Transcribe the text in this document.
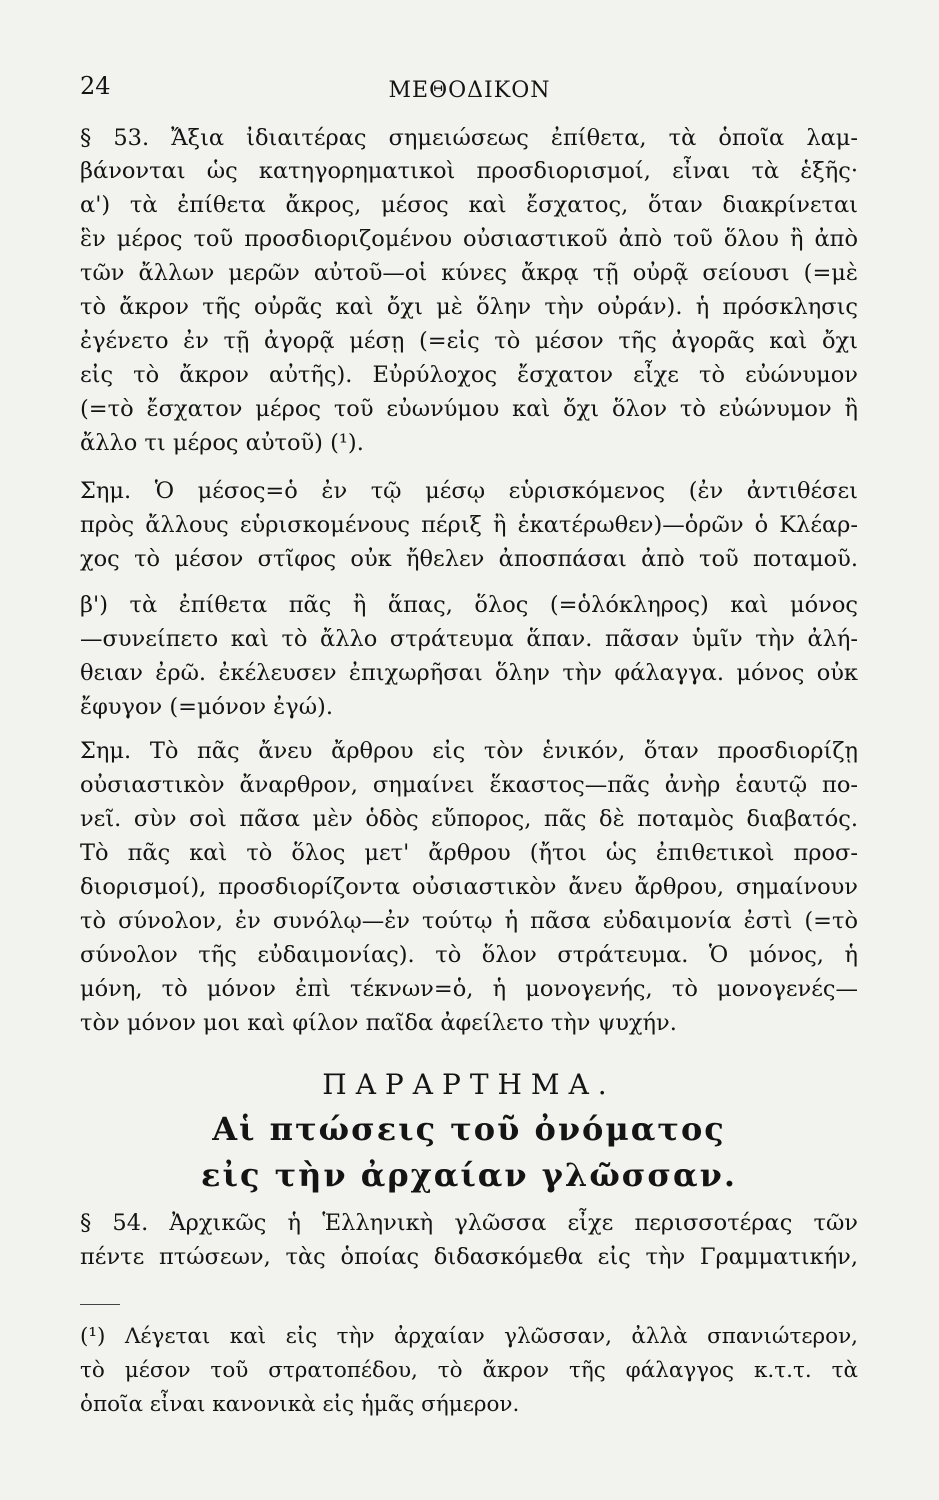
24	ΜΕΘΟΔΙΚΟΝ
§ 53. Ἄξια ἰδιαιτέρας σημειώσεως ἐπίθετα, τὰ ὁποῖα λαμ-
βάνονται ὡς κατηγορηματικοὶ προσδιορισμοί, εἶναι τὰ ἑξῆς·
α') τὰ ἐπίθετα ἄκρος, μέσος καὶ ἔσχατος, ὅταν διακρίνεται
ἓν μέρος τοῦ προσδιοριζομένου οὐσιαστικοῦ ἀπὸ τοῦ ὅλου ἢ ἀπὸ
τῶν ἄλλων μερῶν αὐτοῦ—οἱ κύνες ἄκρᾳ τῇ οὐρᾷ σείουσι (=μὲ
τὸ ἄκρον τῆς οὐρᾶς καὶ ὄχι μὲ ὅλην τὴν οὐράν). ἡ πρόσκλησις
ἐγένετο ἐν τῇ ἀγορᾷ μέσῃ (=εἰς τὸ μέσον τῆς ἀγορᾶς καὶ ὄχι
εἰς τὸ ἄκρον αὐτῆς). Εὐρύλοχος ἔσχατον εἶχε τὸ εὐώνυμον
(=τὸ ἔσχατον μέρος τοῦ εὐωνύμου καὶ ὄχι ὅλον τὸ εὐώνυμον ἢ
ἄλλο τι μέρος αὐτοῦ) (¹).
Σημ. Ὁ μέσος=ὁ ἐν τῷ μέσῳ εὑρισκόμενος (ἐν ἀντιθέσει
πρὸς ἄλλους εὑρισκομένους πέριξ ἢ ἑκατέρωθεν)—ὁρῶν ὁ Κλέαρ-
χος τὸ μέσον στῖφος οὐκ ἤθελεν ἀποσπάσαι ἀπὸ τοῦ ποταμοῦ.
β') τὰ ἐπίθετα πᾶς ἢ ἅπας, ὅλος (=ὁλόκληρος) καὶ μόνος
—συνείπετο καὶ τὸ ἄλλο στράτευμα ἅπαν. πᾶσαν ὑμῖν τὴν ἀλή-
θειαν ἐρῶ. ἐκέλευσεν ἐπιχωρῆσαι ὅλην τὴν φάλαγγα. μόνος οὐκ
ἔφυγον (=μόνον ἐγώ).
Σημ. Τὸ πᾶς ἄνευ ἄρθρου εἰς τὸν ἑνικόν, ὅταν προσδιορίζῃ
οὐσιαστικὸν ἄναρθρον, σημαίνει ἕκαστος—πᾶς ἀνὴρ ἑαυτῷ πο-
νεῖ. σὺν σοὶ πᾶσα μὲν ὁδὸς εὔπορος, πᾶς δὲ ποταμὸς διαβατός.
Τὸ πᾶς καὶ τὸ ὅλος μετ' ἄρθρου (ἤτοι ὡς ἐπιθετικοὶ προσ-
διορισμοί), προσδιορίζοντα οὐσιαστικὸν ἄνευ ἄρθρου, σημαίνουν
τὸ σύνολον, ἐν συνόλῳ—ἐν τούτῳ ἡ πᾶσα εὐδαιμονία ἐστὶ (=τὸ
σύνολον τῆς εὐδαιμονίας). τὸ ὅλον στράτευμα. Ὁ μόνος, ἡ
μόνη, τὸ μόνον ἐπὶ τέκνων=ὁ, ἡ μονογενής, τὸ μονογενές—
τὸν μόνον μοι καὶ φίλον παῖδα ἀφείλετο τὴν ψυχήν.
ΠΑΡΑΡΤΗΜΑ.
Αἱ πτώσεις τοῦ ὀνόματος
εἰς τὴν ἀρχαίαν γλῶσσαν.
§ 54. Ἀρχικῶς ἡ Ἑλληνικὴ γλῶσσα εἶχε περισσοτέρας τῶν
πέντε πτώσεων, τὰς ὁποίας διδασκόμεθα εἰς τὴν Γραμματικήν,
(¹) Λέγεται καὶ εἰς τὴν ἀρχαίαν γλῶσσαν, ἀλλὰ σπανιώτερον,
τὸ μέσον τοῦ στρατοπέδου, τὸ ἄκρον τῆς φάλαγγος κ.τ.τ. τὰ
ὁποῖα εἶναι κανονικὰ εἰς ἡμᾶς σήμερον.
